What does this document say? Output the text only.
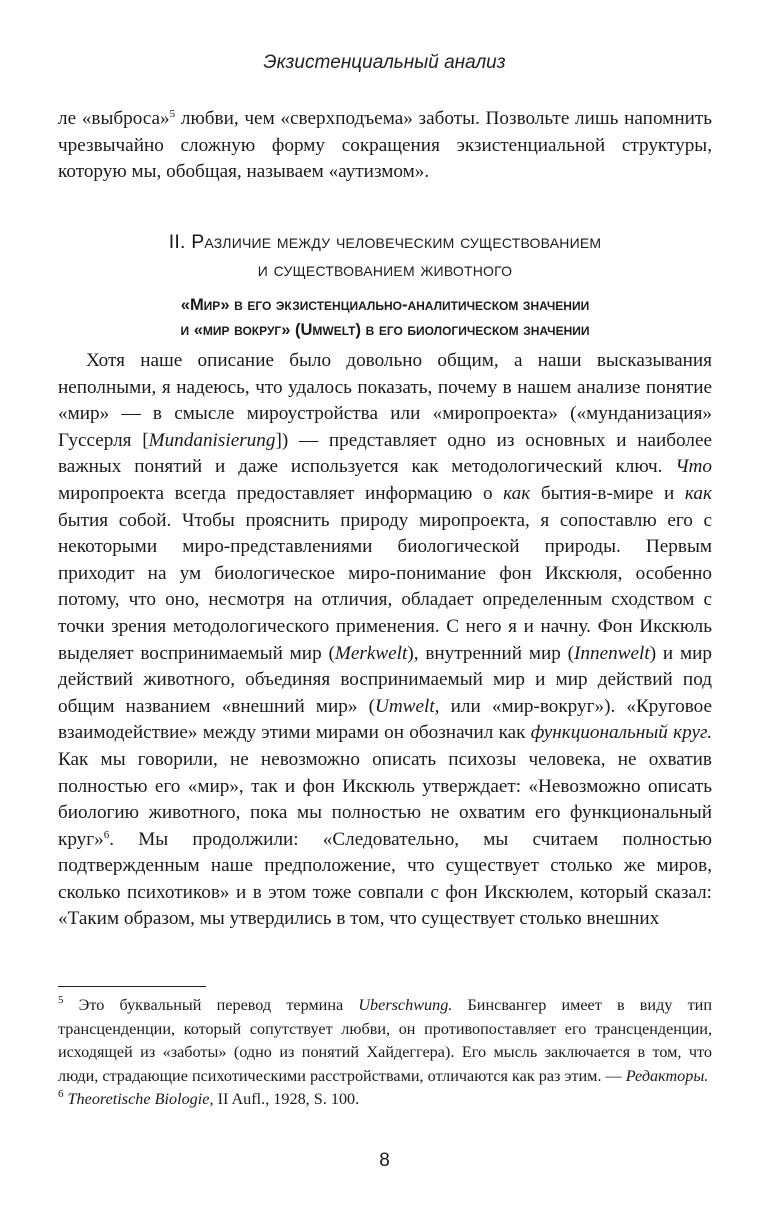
Экзистенциальный анализ

ле «выброса»$^5$ любви, чем «сверхподъема» заботы. Позвольте лишь напомнить чрезвычайно сложную форму сокращения экзистенциальной структуры, которую мы, обобщая, называем «аутизмом».

II. Различие между человеческим существованием
и существованием животного
«Мир» в его экзистенциально-аналитическом значении
и «мир вокруг» (Umwelt) в его биологическом значении

Хотя наше описание было довольно общим, а наши высказывания неполными, я надеюсь, что удалось показать, почему в нашем анализе понятие «мир» — в смысле мироустройства или «миропроекта» («мунданизация» Гуссерля [Mundanisierung]) — представляет одно из основных и наиболее важных понятий и даже используется как методологический ключ. Что миропроекта всегда предоставляет информацию о как бытия-в-мире и как бытия собой. Чтобы прояснить природу миропроекта, я сопоставлю его с некоторыми миро-представлениями биологической природы. Первым приходит на ум биологическое миро-понимание фон Икскюля, особенно потому, что оно, несмотря на отличия, обладает определенным сходством с точки зрения методологического применения. С него я и начну. Фон Икскюль выделяет воспринимаемый мир (Merkwelt), внутренний мир (Innenwelt) и мир действий животного, объединяя воспринимаемый мир и мир действий под общим названием «внешний мир» (Umwelt, или «мир-вокруг»). «Круговое взаимодействие» между этими мирами он обозначил как функциональный круг. Как мы говорили, не невозможно описать психозы человека, не охватив полностью его «мир», так и фон Икскюль утверждает: «Невозможно описать биологию животного, пока мы полностью не охватим его функциональный круг»$^6$. Мы продолжили: «Следовательно, мы считаем полностью подтвержденным наше предположение, что существует столько же миров, сколько психотиков» и в этом тоже совпали с фон Икскюлем, который сказал: «Таким образом, мы утвердились в том, что существует столько внешних

$^5$ Это буквальный перевод термина Uberschwung. Бинсвангер имеет в виду тип трансценденции, который сопутствует любви, он противопоставляет его трансценденции, исходящей из «заботы» (одно из понятий Хайдеггера). Его мысль заключается в том, что люди, страдающие психотическими расстройствами, отличаются как раз этим. — Редакторы.

$^6$ Theoretische Biologie, II Aufl., 1928, S. 100.

8
